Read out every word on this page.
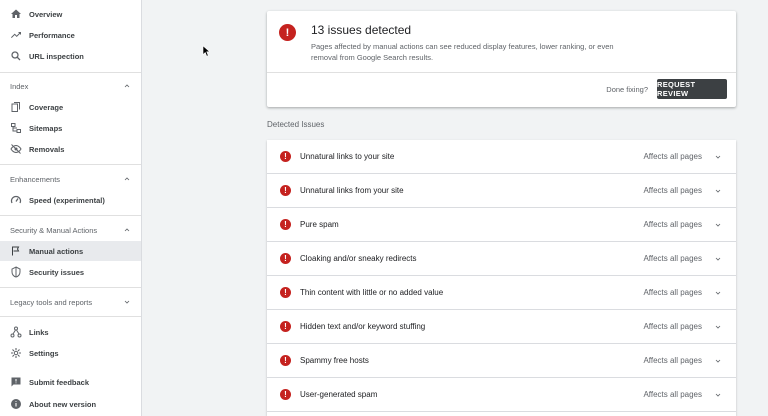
Overview
Performance
URL inspection
Index
Coverage
Sitemaps
Removals
Enhancements
Speed (experimental)
Security & Manual Actions
Manual actions
Security issues
Legacy tools and reports
Links
Settings
Submit feedback
About new version
!	13 issues detected
Pages affected by manual actions can see reduced display features, lower ranking, or even removal from Google Search results.
Done fixing?
REQUEST REVIEW
Detected Issues
!	Unnatural links to your site	Affects all pages
!	Unnatural links from your site	Affects all pages
!	Pure spam	Affects all pages
!	Cloaking and/or sneaky redirects	Affects all pages
!	Thin content with little or no added value	Affects all pages
!	Hidden text and/or keyword stuffing	Affects all pages
!	Spammy free hosts	Affects all pages
!	User-generated spam	Affects all pages
